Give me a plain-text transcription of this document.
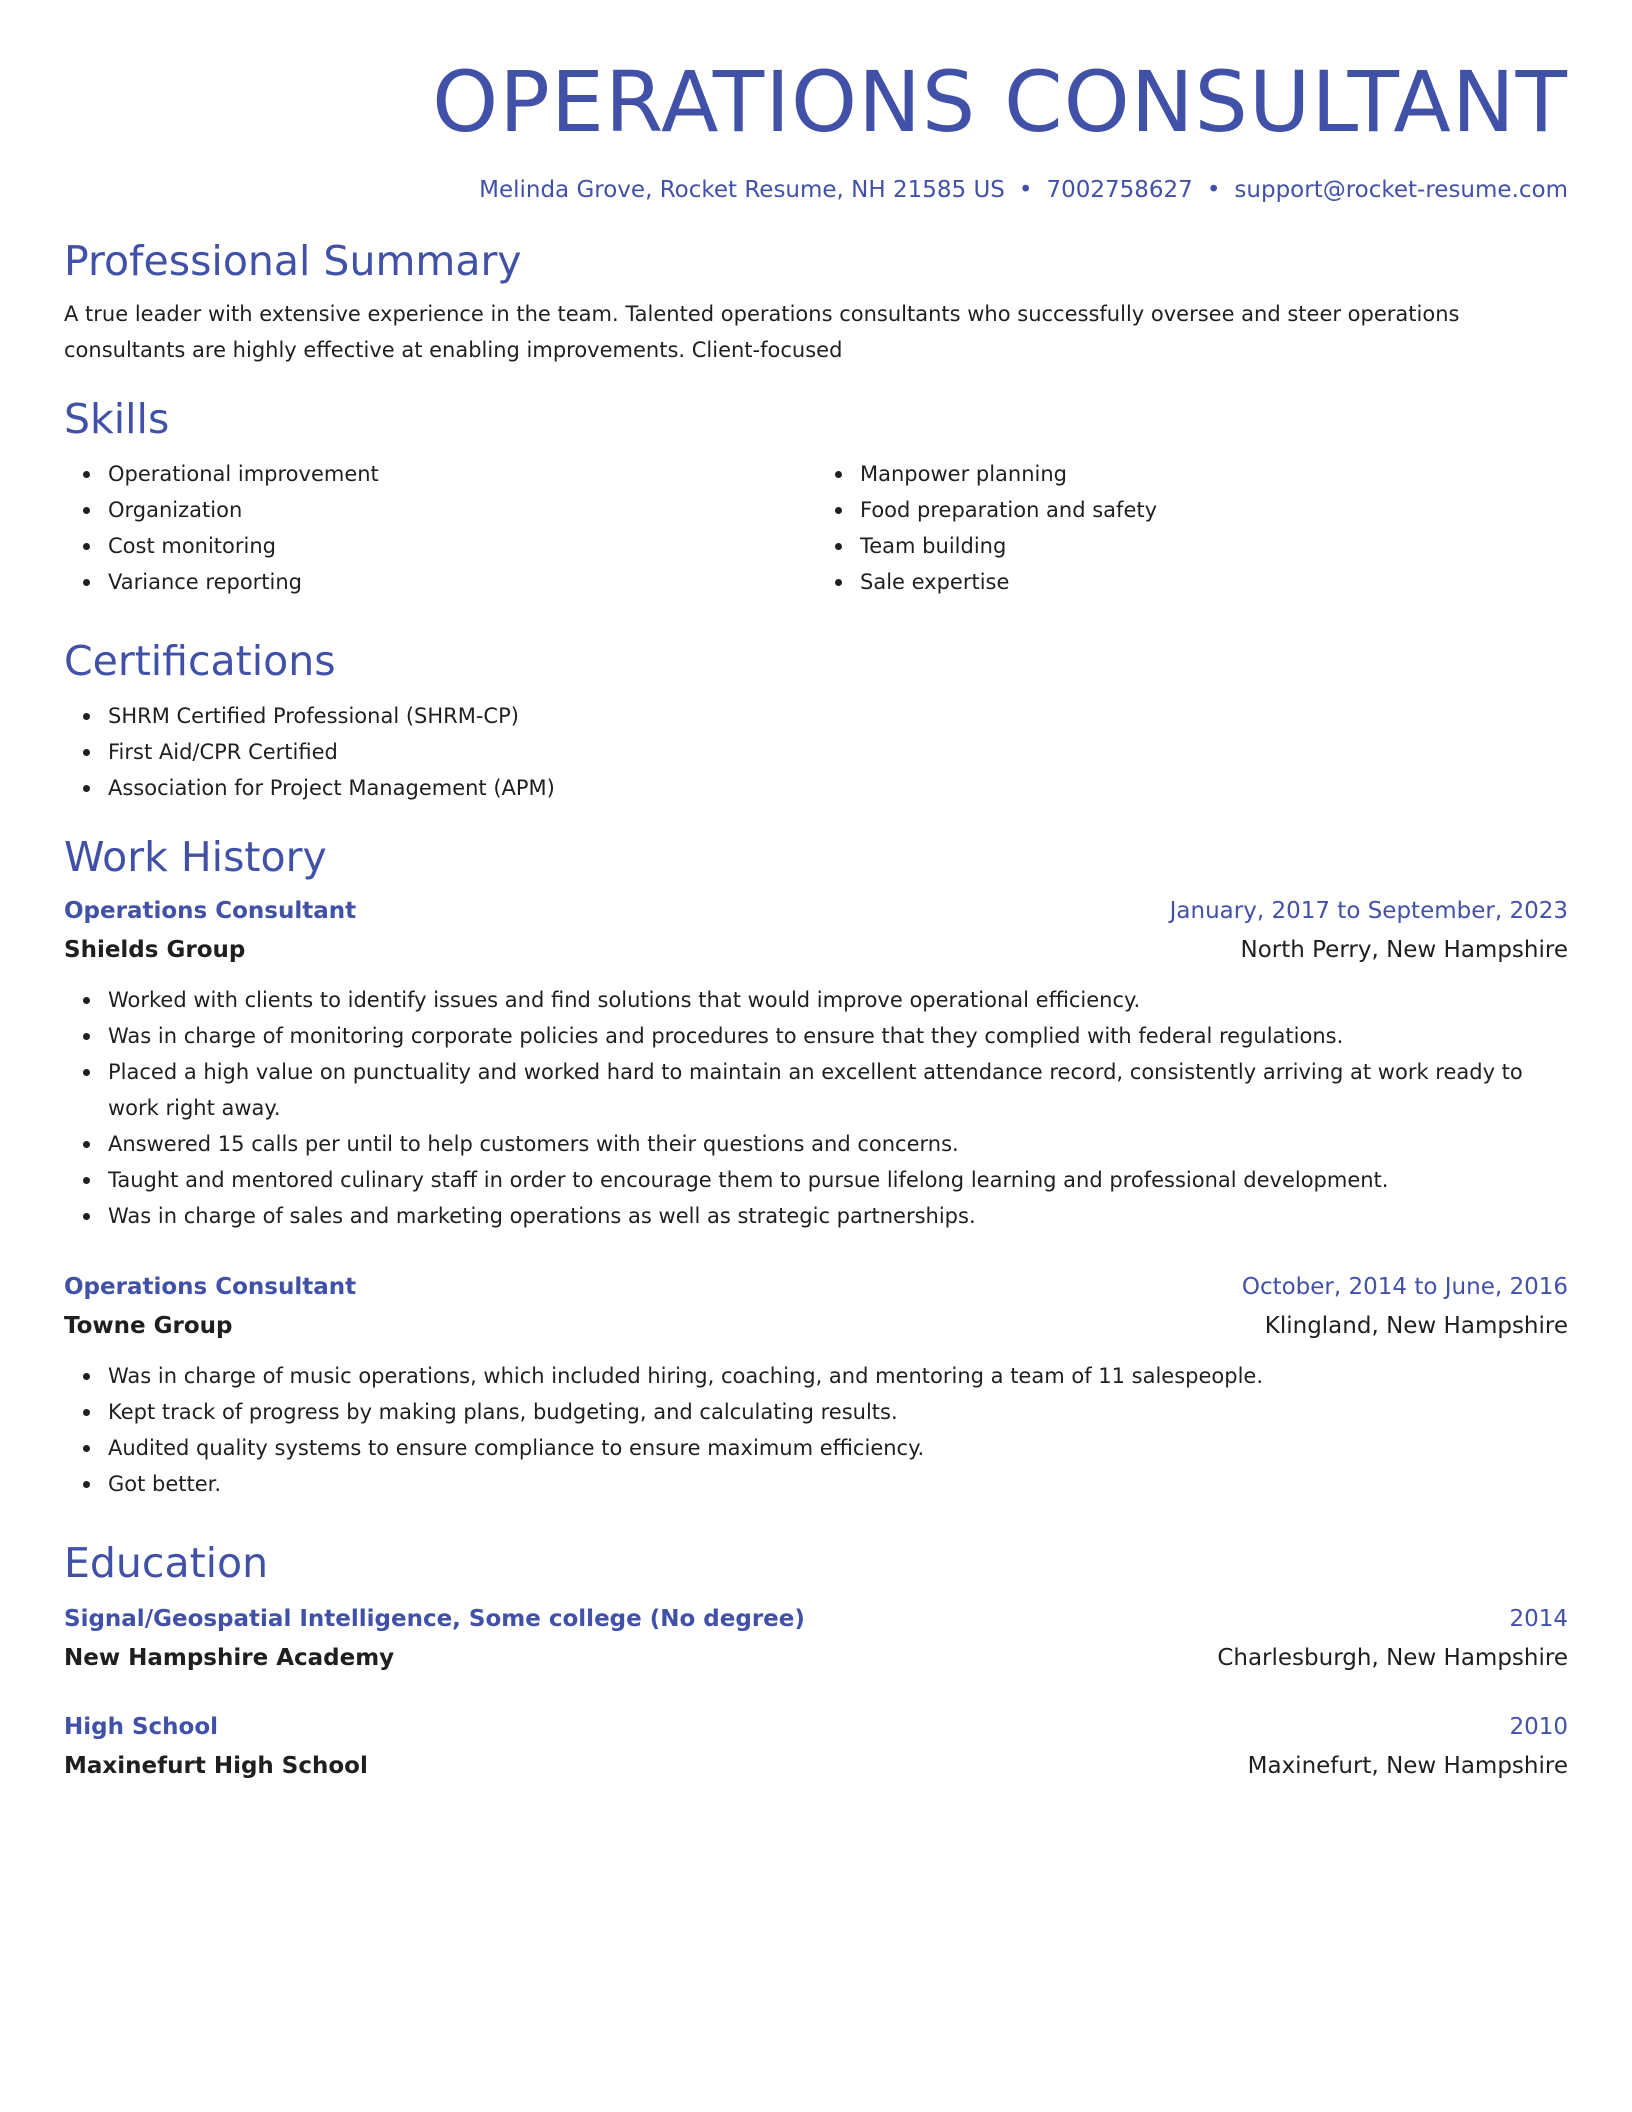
OPERATIONS CONSULTANT
Melinda Grove, Rocket Resume, NH 21585 US • 7002758627 • support@rocket-resume.com
Professional Summary

A true leader with extensive experience in the team. Talented operations consultants who successfully oversee and steer operations consultants are highly effective at enabling improvements. Client-focused

Skills
Operational improvement
Organization
Cost monitoring
Variance reporting
Manpower planning
Food preparation and safety
Team building
Sale expertise
Certifications
SHRM Certified Professional (SHRM-CP)
First Aid/CPR Certified
Association for Project Management (APM)
Work History
Operations Consultant	January, 2017 to September, 2023
Shields Group	North Perry, New Hampshire
Worked with clients to identify issues and find solutions that would improve operational efficiency.
Was in charge of monitoring corporate policies and procedures to ensure that they complied with federal regulations.
Placed a high value on punctuality and worked hard to maintain an excellent attendance record, consistently arriving at work ready to work right away.
Answered 15 calls per until to help customers with their questions and concerns.
Taught and mentored culinary staff in order to encourage them to pursue lifelong learning and professional development.
Was in charge of sales and marketing operations as well as strategic partnerships.
Operations Consultant	October, 2014 to June, 2016
Towne Group	Klingland, New Hampshire
Was in charge of music operations, which included hiring, coaching, and mentoring a team of 11 salespeople.
Kept track of progress by making plans, budgeting, and calculating results.
Audited quality systems to ensure compliance to ensure maximum efficiency.
Got better.
Education
Signal/Geospatial Intelligence, Some college (No degree)	2014
New Hampshire Academy	Charlesburgh, New Hampshire
High School	2010
Maxinefurt High School	Maxinefurt, New Hampshire
